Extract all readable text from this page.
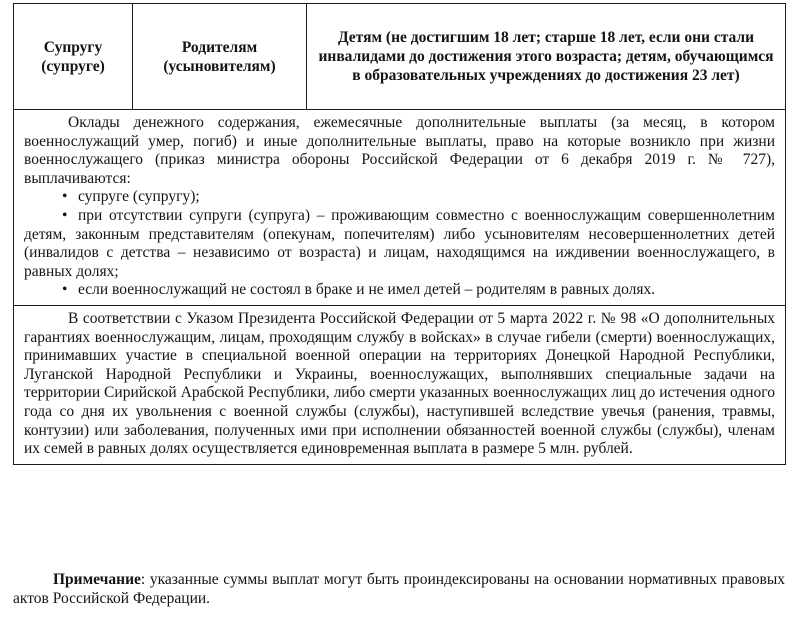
Супругу (супруге)	Родителям (усыновителям)	Детям (не достигшим 18 лет; старше 18 лет, если они стали инвалидами до достижения этого возраста; детям, обучающимся в образовательных учреждениях до достижения 23 лет)

Оклады денежного содержания, ежемесячные дополнительные выплаты (за месяц, в котором военнослужащий умер, погиб) и иные дополнительные выплаты, право на которые возникло при жизни военнослужащего (приказ министра обороны Российской Федерации от 6 декабря 2019 г. № 727), выплачиваются:

• супруге (супругу);

• при отсутствии супруги (супруга) – проживающим совместно с военнослужащим совершеннолетним детям, законным представителям (опекунам, попечителям) либо усыновителям несовершеннолетних детей (инвалидов с детства – независимо от возраста) и лицам, находящимся на иждивении военнослужащего, в равных долях;

• если военнослужащий не состоял в браке и не имел детей – родителям в равных долях.

В соответствии с Указом Президента Российской Федерации от 5 марта 2022 г. № 98 «О дополнительных гарантиях военнослужащим, лицам, проходящим службу в войсках» в случае гибели (смерти) военнослужащих, принимавших участие в специальной военной операции на территориях Донецкой Народной Республики, Луганской Народной Республики и Украины, военнослужащих, выполнявших специальные задачи на территории Сирийской Арабской Республики, либо смерти указанных военнослужащих лиц до истечения одного года со дня их увольнения с военной службы (службы), наступившей вследствие увечья (ранения, травмы, контузии) или заболевания, полученных ими при исполнении обязанностей военной службы (службы), членам их семей в равных долях осуществляется единовременная выплата в размере 5 млн. рублей.

Примечание: указанные суммы выплат могут быть проиндексированы на основании нормативных правовых актов Российской Федерации.
